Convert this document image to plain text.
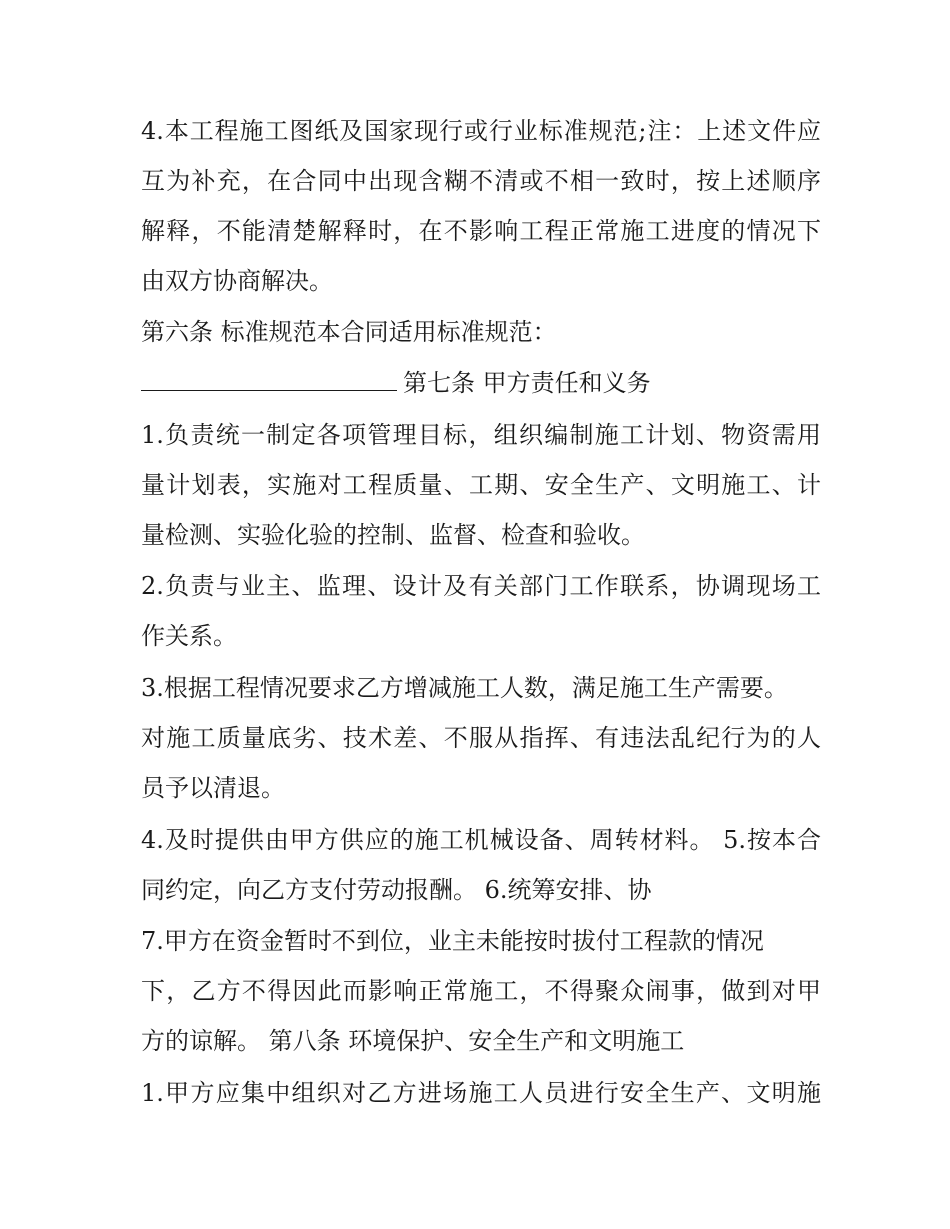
4.本工程施工图纸及国家现行或行业标准规范;注：上述文件应
互为补充，在合同中出现含糊不清或不相一致时，按上述顺序
解释，不能清楚解释时，在不影响工程正常施工进度的情况下
由双方协商解决。
第六条 标准规范本合同适用标准规范：
第七条 甲方责任和义务
1.负责统一制定各项管理目标，组织编制施工计划、物资需用
量计划表，实施对工程质量、工期、安全生产、文明施工、计
量检测、实验化验的控制、监督、检查和验收。
2.负责与业主、监理、设计及有关部门工作联系，协调现场工
作关系。
3.根据工程情况要求乙方增减施工人数，满足施工生产需要。
对施工质量底劣、技术差、不服从指挥、有违法乱纪行为的人
员予以清退。
4.及时提供由甲方供应的施工机械设备、周转材料。 5.按本合
同约定，向乙方支付劳动报酬。 6.统筹安排、协
7.甲方在资金暂时不到位，业主未能按时拔付工程款的情况
下，乙方不得因此而影响正常施工，不得聚众闹事，做到对甲
方的谅解。 第八条 环境保护、安全生产和文明施工
1.甲方应集中组织对乙方进场施工人员进行安全生产、文明施
